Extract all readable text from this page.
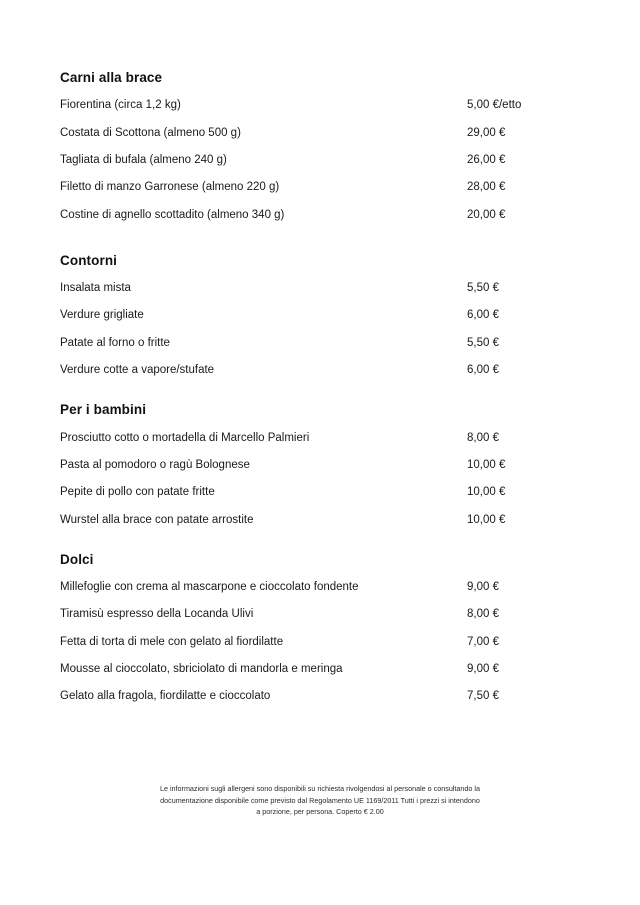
Carni alla brace
Fiorentina (circa 1,2 kg)	5,00 €/etto
Costata di Scottona (almeno 500 g)	29,00 €
Tagliata di bufala (almeno 240 g)	26,00 €
Filetto di manzo Garronese (almeno 220 g)	28,00 €
Costine di agnello scottadito (almeno 340 g)	20,00 €
Contorni
Insalata mista	5,50 €
Verdure grigliate	6,00 €
Patate al forno o fritte	5,50 €
Verdure cotte a vapore/stufate	6,00 €
Per i bambini
Prosciutto cotto o mortadella di Marcello Palmieri	8,00 €
Pasta al pomodoro o ragù Bolognese	10,00 €
Pepite di pollo con patate fritte	10,00 €
Wurstel alla brace con patate arrostite	10,00 €
Dolci
Millefoglie con crema al mascarpone e cioccolato fondente	9,00 €
Tiramisù espresso della Locanda Ulivi	8,00 €
Fetta di torta di mele con gelato al fiordilatte	7,00 €
Mousse al cioccolato, sbriciolato di mandorla e meringa	9,00 €
Gelato alla fragola, fiordilatte e cioccolato	7,50 €
Le informazioni sugli allergeni sono disponibili su richiesta rivolgendosi al personale o consultando la
documentazione disponibile come previsto dal Regolamento UE 1169/2011 Tutti i prezzi si intendono
a porzione, per persona. Coperto € 2.00
